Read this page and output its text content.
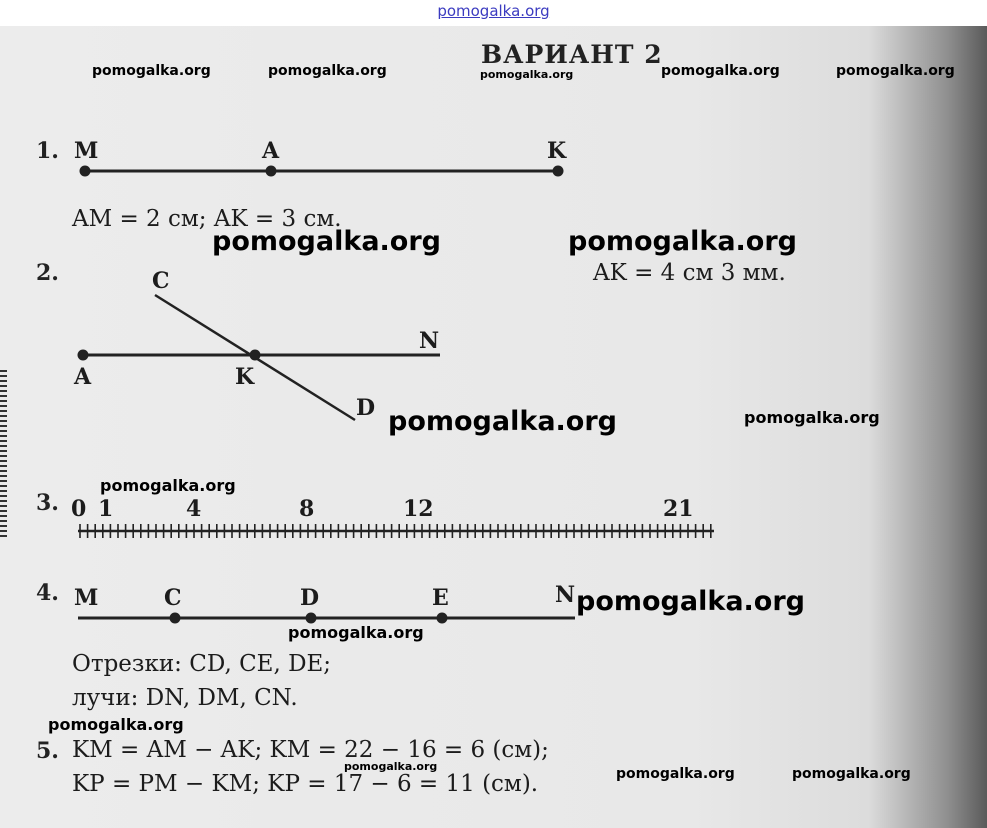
pomogalka.org
ВАРИАНТ 2
1. M	A	K
AM = 2 см; AK = 3 см.
2.	C
N
A	K
D
AK = 4 см 3 мм.
3. 0 1	4	8	12	21
4. M	C	D	E	N
Отрезки: CD, CE, DE;
лучи: DN, DM, CN.
5. KM = AM − AK; KM = 22 − 16 = 6 (см);
KP = PM − KM; KP = 17 − 6 = 11 (см).
pomogalka.org	pomogalka.org	pomogalka.org	pomogalka.org	pomogalka.org
pomogalka.org	pomogalka.org
pomogalka.org	pomogalka.org
pomogalka.org
pomogalka.org
pomogalka.org
pomogalka.org
pomogalka.org	pomogalka.org	pomogalka.org
